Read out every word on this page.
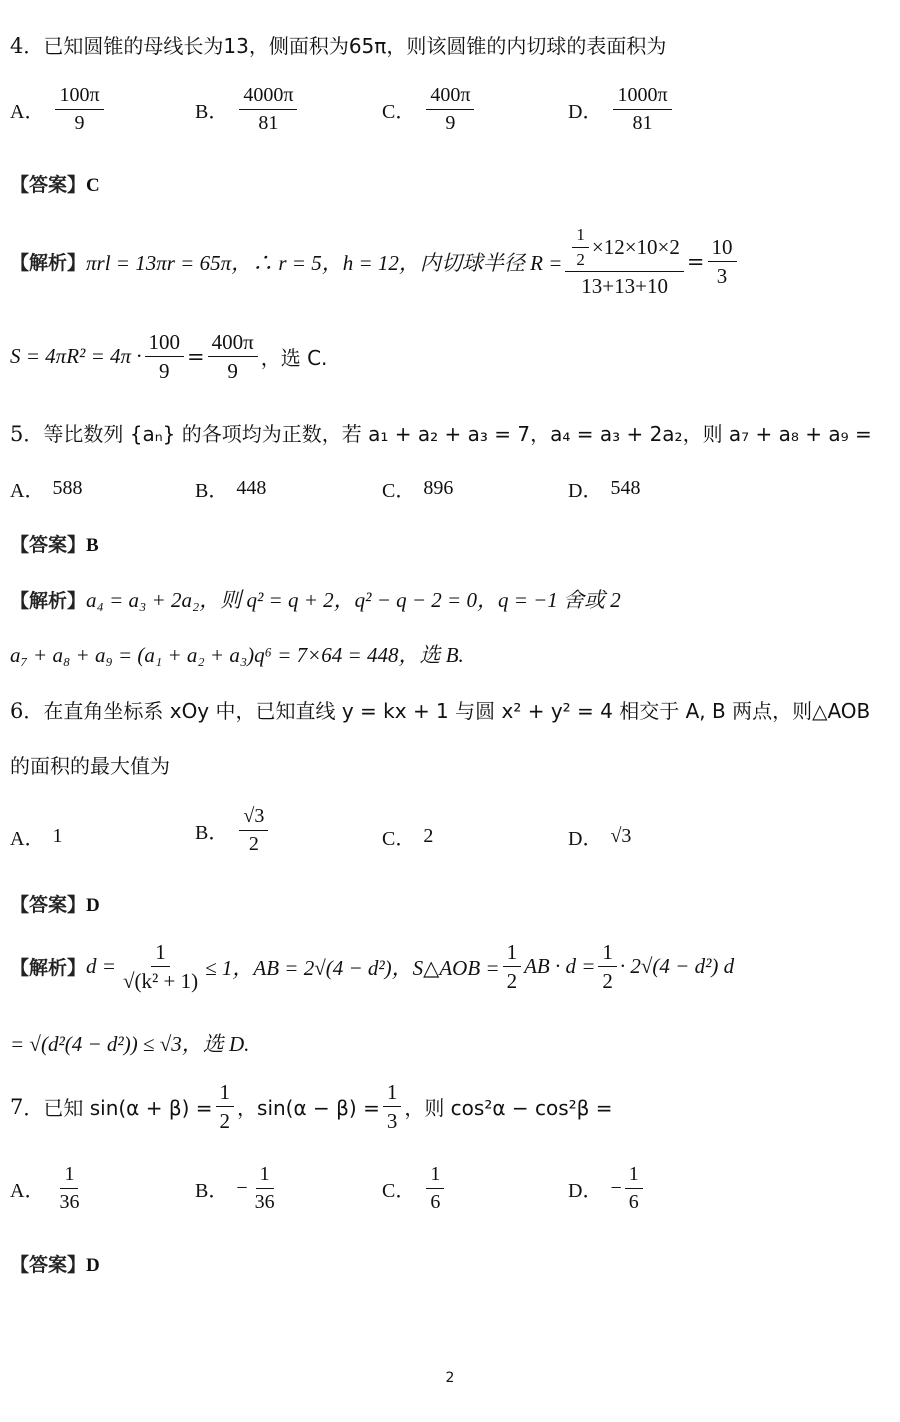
4．已知圆锥的母线长为13，侧面积为65π，则该圆锥的内切球的表面积为
A． $\frac{100\pi}{9}$	B． $\frac{4000\pi}{81}$	C． $\frac{400\pi}{9}$	D． $\frac{1000\pi}{81}$
【答案】C
【解析】 πrl = 13πr = 65π，∴ r = 5，h = 12，内切球半径 $R = \frac{\frac{1}{2} \times 12\times 10\times 2}{13+13+10} = \frac{10}{3}$
$S = 4\pi R^2 = 4\pi \cdot \frac{100}{9} = \frac{400\pi}{9}$ ，选 C.
5．等比数列 {aₙ} 的各项均为正数，若 a₁ + a₂ + a₃ = 7，a₄ = a₃ + 2a₂，则 a₇ + a₈ + a₉ =
A． 588	B． 448	C． 896	D． 548
【答案】B
【解析】a₄ = a₃ + 2a₂，则 q² = q + 2，q² − q − 2 = 0，q = −1 舍或 2
a₇ + a₈ + a₉ = (a₁ + a₂ + a₃)q⁶ = 7×64 = 448，选 B.
6．在直角坐标系 xOy 中，已知直线 y = kx + 1 与圆 x² + y² = 4 相交于 A, B 两点，则△AOB
的面积的最大值为
A． 1	B． $\frac{√3}{2}$	C． 2	D． √3
【答案】D
【解析】 $d = \frac{1}{\text{√(k² + 1)}} \le 1$，AB = 2√(4 − d²)，S△AOB = $\frac{1}{2}$ AB · $d = \frac{1}{2} \cdot 2√(4 - d^2)$ d
= √(d²(4 − d²)) ≤ √3，选 D.
7 ．已知 $\sin(\alpha + \beta) = \frac{1}{2}$ ，$\sin(\alpha - \beta) = \frac{1}{3}$ ，则 cos²α − cos²β =
A． $\frac{1}{36}$	B． − $\frac{1}{36}$	C． $\frac{1}{6}$	D． − $\frac{1}{6}$
【答案】D
2
